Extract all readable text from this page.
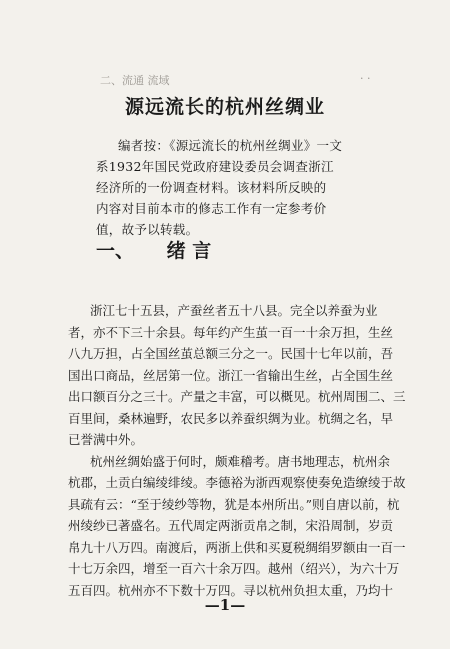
二、流通 流域	· ·
源远流长的杭州丝绸业
编者按：《源远流长的杭州丝绸业》一文
系1932年国民党政府建设委员会调查浙江
经济所的一份调查材料。该材料所反映的
内容对目前本市的修志工作有一定参考价
值，故予以转载。
一、 绪 言
浙江七十五县，产蚕丝者五十八县。完全以养蚕为业
者，亦不下三十余县。每年约产生茧一百一十余万担，生丝
八九万担，占全国丝茧总额三分之一。民国十七年以前，吾
国出口商品，丝居第一位。浙江一省输出生丝，占全国生丝
出口额百分之三十。产量之丰富，可以概见。杭州周围二、三
百里间，桑林遍野，农民多以养蚕织绸为业。杭绸之名，早
已誉满中外。
杭州丝绸始盛于何时，颇难稽考。唐书地理志，杭州余
杭郡，土贡白编绫绯绫。李德裕为浙西观察使奏免造缭绫于故
具疏有云：“至于绫纱等物，犹是本州所出。”则自唐以前，杭
州绫纱已著盛名。五代周定两浙贡帛之制，宋沿周制，岁贡
帛九十八万四。南渡后，两浙上供和买夏税绸绢罗额由一百一
十七万余四，增至一百六十余万四。越州（绍兴），为六十万
五百四。杭州亦不下数十万四。寻以杭州负担太重，乃均十
—1—
